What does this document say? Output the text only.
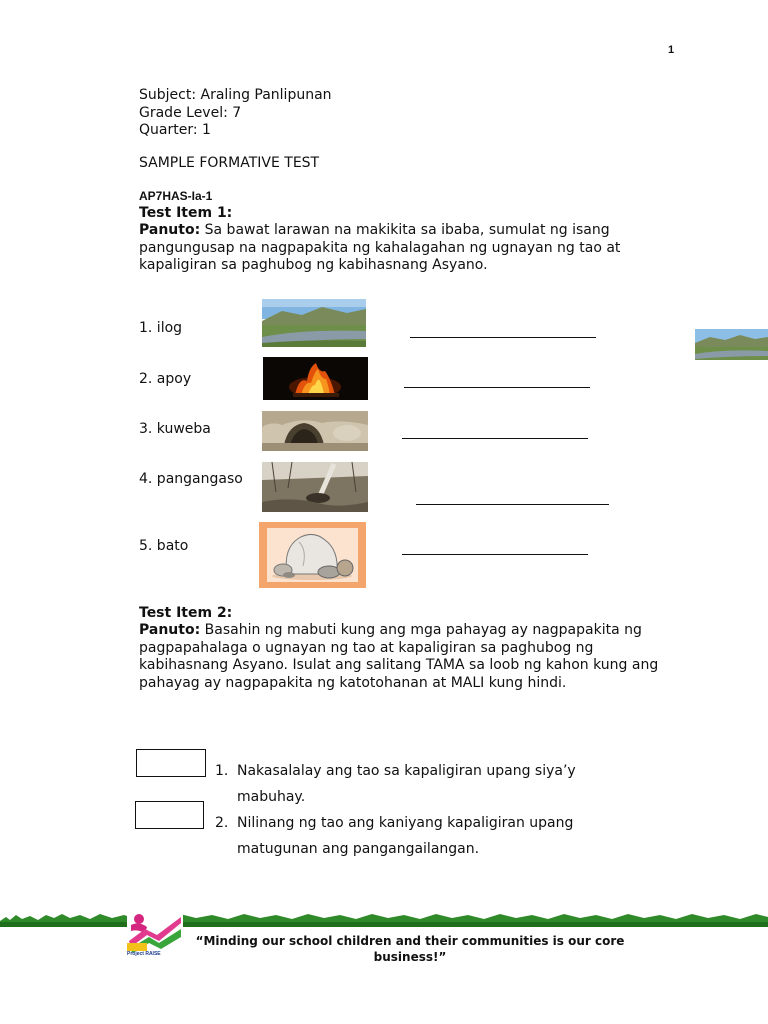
1
Subject: Araling Panlipunan
Grade Level: 7
Quarter: 1
SAMPLE FORMATIVE TEST
AP7HAS-Ia-1
Test Item 1:
Panuto: Sa bawat larawan na makikita sa ibaba, sumulat ng isang pangungusap na nagpapakita ng kahalagahan ng ugnayan ng tao at kapaligiran sa paghubog ng kabihasnang Asyano.
1. ilog
2. apoy
3. kuweba
4. pangangaso
5. bato
Test Item 2:
Panuto: Basahin ng mabuti kung ang mga pahayag ay nagpapakita ng pagpapahalaga o ugnayan ng tao at kapaligiran sa paghubog ng kabihasnang Asyano. Isulat ang salitang TAMA sa loob ng kahon kung ang pahayag ay nagpapakita ng katotohanan at MALI kung hindi.
1. Nakasalalay ang tao sa kapaligiran upang siya’y
mabuhay.
2. Nilinang ng tao ang kaniyang kapaligiran upang
matugunan ang pangangailangan.
Project RAISE
“Minding our school children and their communities is our core business!”
